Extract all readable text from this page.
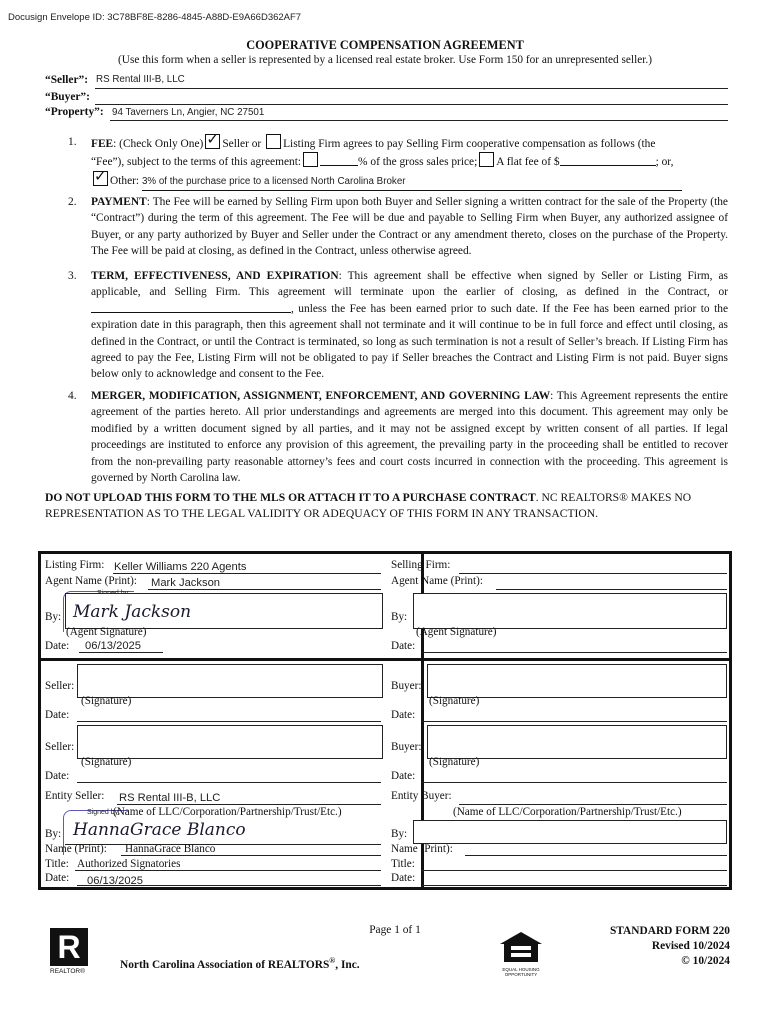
Docusign Envelope ID: 3C78BF8E-8286-4845-A88D-E9A66D362AF7
COOPERATIVE COMPENSATION AGREEMENT
(Use this form when a seller is represented by a licensed real estate broker. Use Form 150 for an unrepresented seller.)
“Seller”: RS Rental III-B, LLC
“Buyer”:
“Property”: 94 Taverners Ln, Angier, NC 27501
1. FEE: (Check Only One)✓ Seller or Listing Firm agrees to pay Selling Firm cooperative compensation as follows (the
“Fee”), subject to the terms of this agreement:	% of the gross sales price; A flat fee of $	; or,
✓Other: 3% of the purchase price to a licensed North Carolina Broker
2. PAYMENT: The Fee will be earned by Selling Firm upon both Buyer and Seller signing a written contract for the sale of the Property (the “Contract”) during the term of this agreement. The Fee will be due and payable to Selling Firm when Buyer, any authorized assignee of Buyer, or any party authorized by Buyer and Seller under the Contract or any amendment thereto, closes on the purchase of the Property. The Fee will be paid at closing, as defined in the Contract, unless otherwise agreed.
3. TERM, EFFECTIVENESS, AND EXPIRATION: This agreement shall be effective when signed by Seller or Listing Firm, as applicable, and Selling Firm. This agreement will terminate upon the earlier of closing, as defined in the Contract, or , unless the Fee has been earned prior to such date. If the Fee has been earned prior to the expiration date in this paragraph, then this agreement shall not terminate and it will continue to be in full force and effect until closing, as defined in the Contract, or until the Contract is terminated, so long as such termination is not a result of Seller’s breach. If Listing Firm has agreed to pay the Fee, Listing Firm will not be obligated to pay if Seller breaches the Contract and Listing Firm is not paid. Buyer signs below only to acknowledge and consent to the Fee.
4. MERGER, MODIFICATION, ASSIGNMENT, ENFORCEMENT, AND GOVERNING LAW: This Agreement represents the entire agreement of the parties hereto. All prior understandings and agreements are merged into this document. This agreement may only be modified by a written document signed by all parties, and it may not be assigned except by written consent of all parties. If legal proceedings are instituted to enforce any provision of this agreement, the prevailing party in the proceeding shall be entitled to recover from the non-prevailing party reasonable attorney’s fees and court costs incurred in connection with the proceeding. This agreement is governed by North Carolina law.
DO NOT UPLOAD THIS FORM TO THE MLS OR ATTACH IT TO A PURCHASE CONTRACT. NC REALTORS® MAKES NO REPRESENTATION AS TO THE LEGAL VALIDITY OR ADEQUACY OF THIS FORM IN ANY TRANSACTION.
Listing Firm: Keller Williams 220 Agents
Agent Name (Print): Mark Jackson
By: Mark Jackson
(Agent Signature)
Date: 06/13/2025
Selling Firm:
Agent Name (Print):
By:
(Agent Signature)
Date:
Seller:
(Signature)
Date:
Buyer:
(Signature)
Date:
Seller:
(Signature)
Date:
Buyer:
(Signature)
Date:
Entity Seller: RS Rental III-B, LLC
Signed by:
(Name of LLC/Corporation/Partnership/Trust/Etc.)
By: HannaGrace Blanco
Name (Print): HannaGrace Blanco
Title: Authorized Signatories
Date: 06/13/2025
Entity Buyer:
(Name of LLC/Corporation/Partnership/Trust/Etc.)
By:
Name (Print):
Title:
Date:
Page 1 of 1
R
REALTOR®
North Carolina Association of REALTORS®, Inc.	EQUAL HOUSING OPPORTUNITY
STANDARD FORM 220
Revised 10/2024
© 10/2024
